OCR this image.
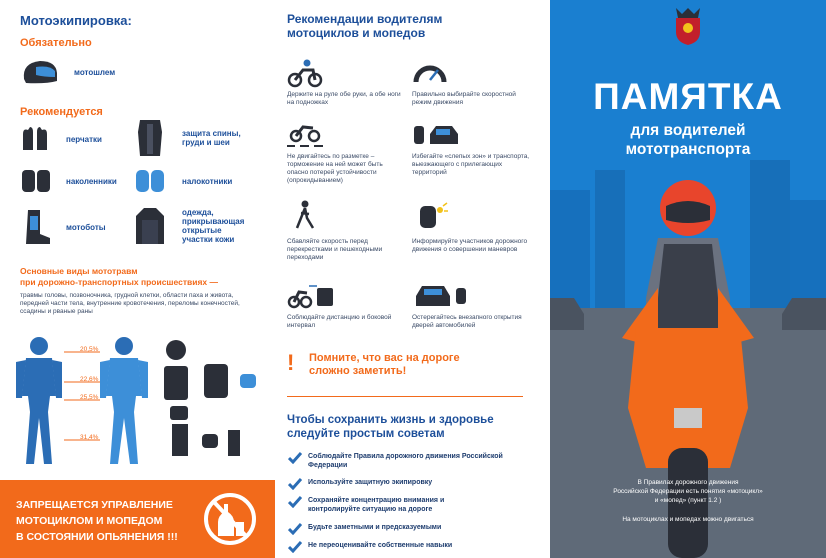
Мотоэкипировка:
Обязательно
мотошлем
Рекомендуется
перчатки
защита спины, груди и шеи
наколенники	налокотники
мотоботы
одежда, прикрывающая открытые участки кожи
Основные виды мототравм
при дорожно-транспортных происшествиях —
травмы головы, позвоночника, грудной клетки, области паха и живота, передней части тела, внутренние кровотечения, переломы конечностей, ссадины и рваные раны
20,5%
22,6%
25,5%
31,4%
ЗАПРЕЩАЕТСЯ УПРАВЛЕНИЕ
МОТОЦИКЛОМ И МОПЕДОМ
В СОСТОЯНИИ ОПЬЯНЕНИЯ !!!
Рекомендации водителям
мотоциклов и мопедов
Держите на руле обе руки, а обе ноги на подножках
Правильно выбирайте скоростной режим движения
Не двигайтесь по разметке – торможение на ней может быть опасно потерей устойчивости (опрокидыванием)
Избегайте «слепых зон» и транспорта, выезжающего с прилегающих территорий
Сбавляйте скорость перед перекрестками и пешеходными переходами
Информируйте участников дорожного движения о совершении маневров
Соблюдайте дистанцию и боковой интервал
Остерегайтесь внезапного открытия дверей автомобилей
!	Помните, что вас на дороге
сложно заметить!
Чтобы сохранить жизнь и здоровье
следуйте простым советам
Соблюдайте Правила дорожного движения Российской Федерации
Используйте защитную экипировку
Сохраняйте концентрацию внимания и контролируйте ситуацию на дороге
Будьте заметными и предсказуемыми
Не переоценивайте собственные навыки
ПАМЯТКА
для водителей
мототранспорта
В Правилах дорожного движения
Российской Федерации есть понятия «мотоцикл»
и «мопед» (пункт 1.2 )
На мотоциклах и мопедах можно двигаться
